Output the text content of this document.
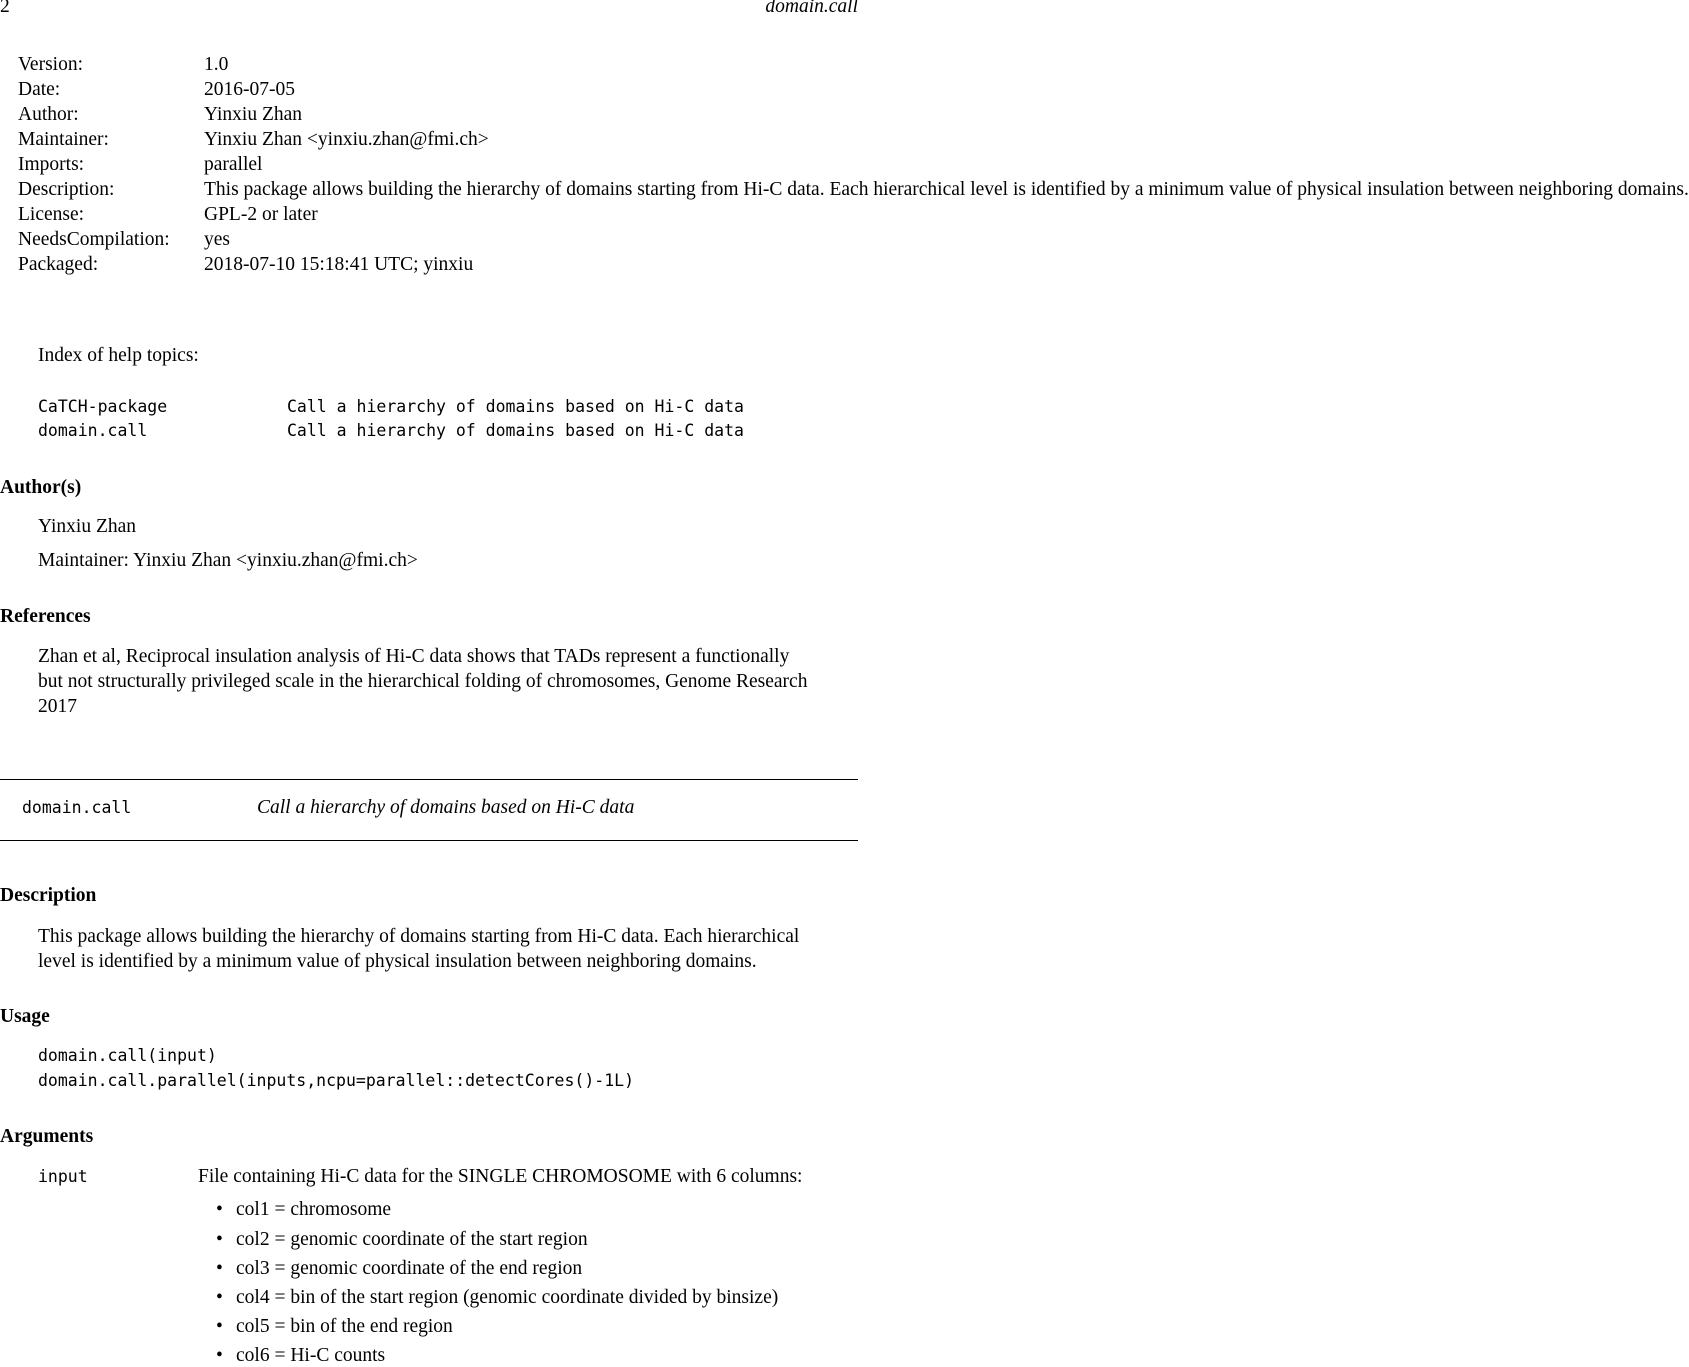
2	domain.call
Version:	1.0
Date:	2016-07-05
Author:	Yinxiu Zhan
Maintainer:	Yinxiu Zhan <yinxiu.zhan@fmi.ch>
Imports:	parallel
Description:	This package allows building the hierarchy of domains starting from Hi-C data. Each hierarchical level is identified by a minimum value of physical insulation between neighboring domains.
License:	GPL-2 or later
NeedsCompilation: yes
Packaged:	2018-07-10 15:18:41 UTC; yinxiu
Index of help topics:
CaTCH-package	Call a hierarchy of domains based on Hi-C data
domain.call	Call a hierarchy of domains based on Hi-C data
Author(s)
Yinxiu Zhan
Maintainer: Yinxiu Zhan <yinxiu.zhan@fmi.ch>
References
Zhan et al, Reciprocal insulation analysis of Hi-C data shows that TADs represent a functionally
but not structurally privileged scale in the hierarchical folding of chromosomes, Genome Research
2017
domain.call	Call a hierarchy of domains based on Hi-C data
Description
This package allows building the hierarchy of domains starting from Hi-C data. Each hierarchical
level is identified by a minimum value of physical insulation between neighboring domains.
Usage
domain.call(input)
domain.call.parallel(inputs,ncpu=parallel::detectCores()-1L)
Arguments
input	File containing Hi-C data for the SINGLE CHROMOSOME with 6 columns:
• col1 = chromosome
• col2 = genomic coordinate of the start region
• col3 = genomic coordinate of the end region
• col4 = bin of the start region (genomic coordinate divided by binsize)
• col5 = bin of the end region
• col6 = Hi-C counts
